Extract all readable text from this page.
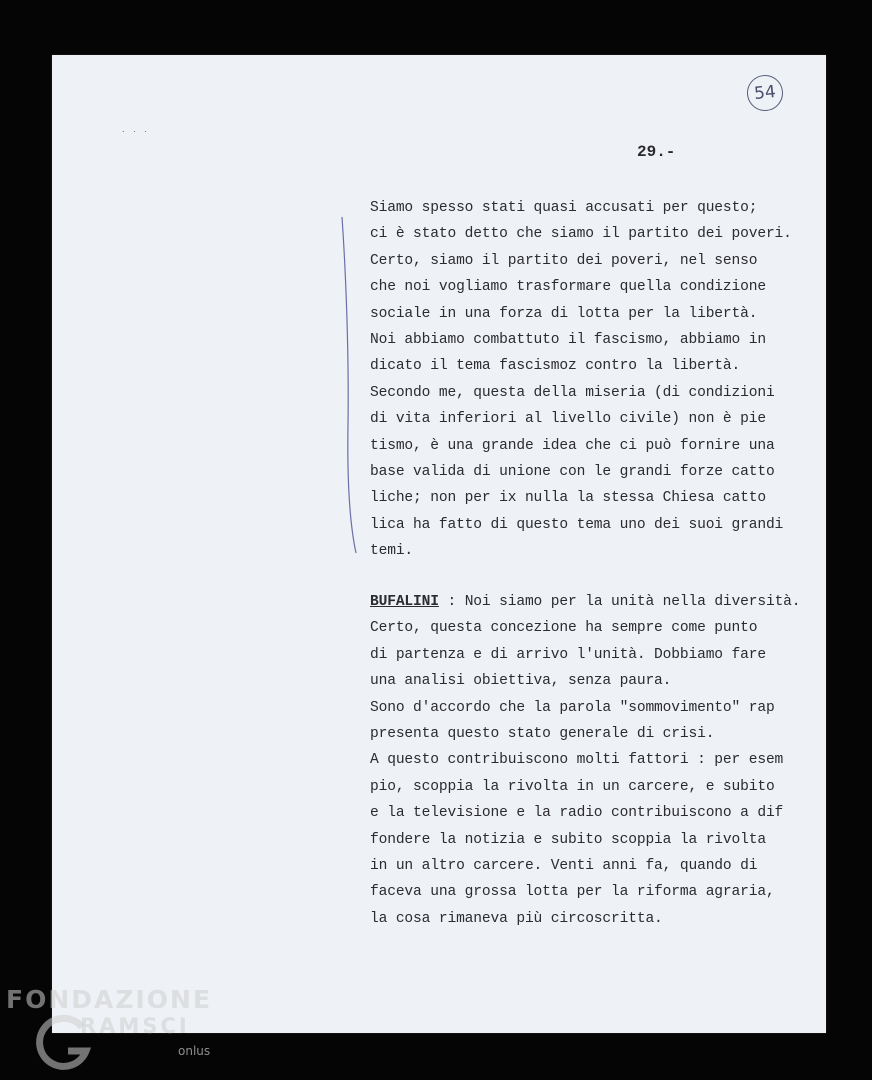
. . .
54
29.-
Siamo spesso stati quasi accusati per questo;
ci è stato detto che siamo il partito dei poveri.
Certo, siamo il partito dei poveri, nel senso
che noi vogliamo trasformare quella condizione
sociale in una forza di lotta per la libertà.
Noi abbiamo combattuto il fascismo, abbiamo in
dicato il tema fascismoz contro la libertà.
Secondo me, questa della miseria (di condizioni
di vita inferiori al livello civile) non è pie
tismo, è una grande idea che ci può fornire una
base valida di unione con le grandi forze catto
liche; non per ix nulla la stessa Chiesa catto
lica ha fatto di questo tema uno dei suoi grandi
temi.
BUFALINI : Noi siamo per la unità nella diversità.
Certo, questa concezione ha sempre come punto
di partenza e di arrivo l'unità. Dobbiamo fare
una analisi obiettiva, senza paura.
Sono d'accordo che la parola "sommovimento" rap
presenta questo stato generale di crisi.
A questo contribuiscono molti fattori : per esem
pio, scoppia la rivolta in un carcere, e subito
e la televisione e la radio contribuiscono a dif
fondere la notizia e subito scoppia la rivolta
in un altro carcere. Venti anni fa, quando di
faceva una grossa lotta per la riforma agraria,
la cosa rimaneva più circoscritta.
FONDAZIONE
RAMSCI
onlus
